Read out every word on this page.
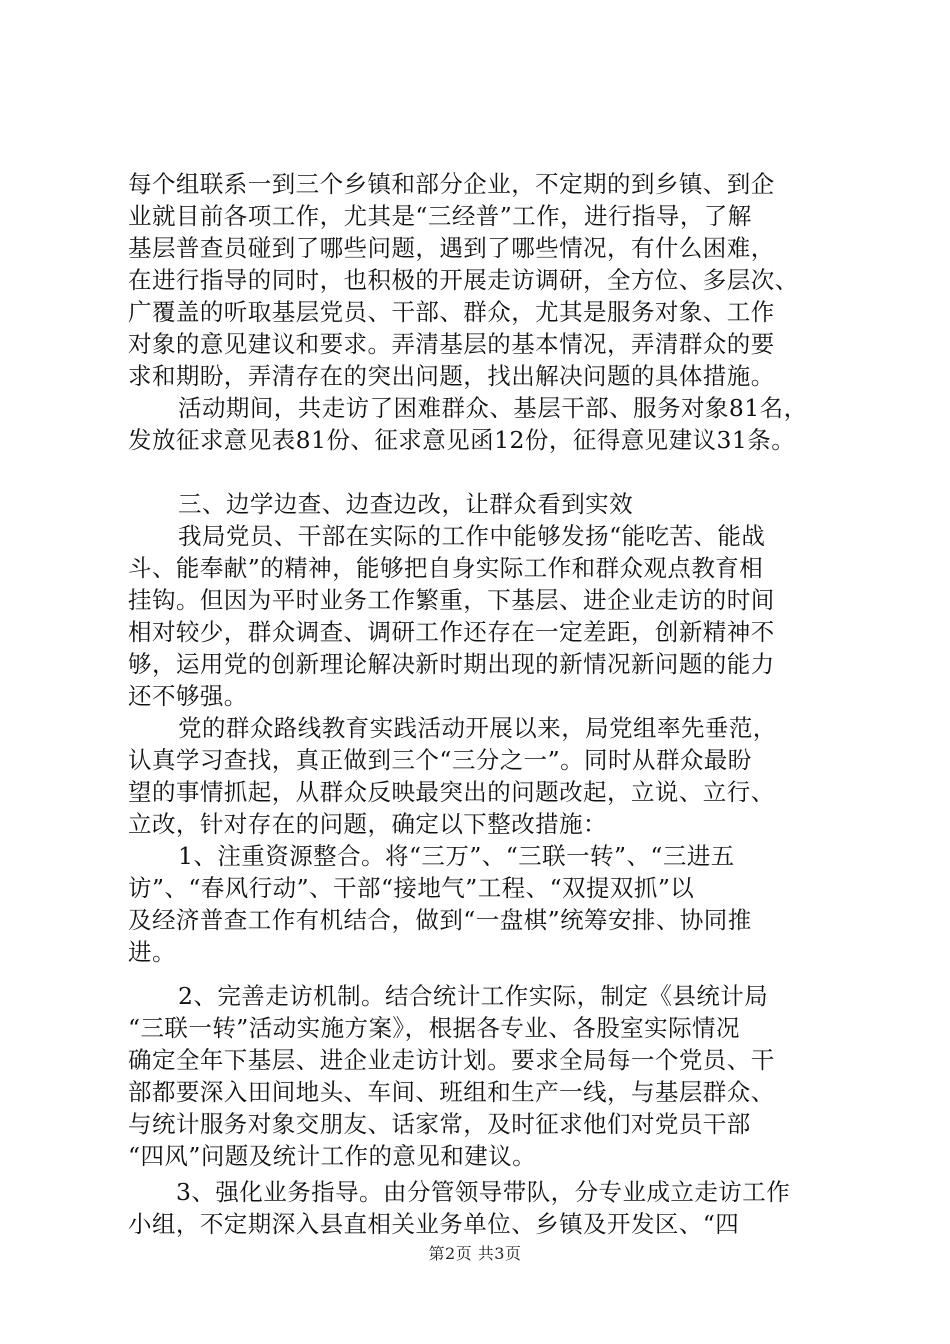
每个组联系一到三个乡镇和部分企业，不定期的到乡镇、到企
业就目前各项工作，尤其是“三经普”工作，进行指导，了解
基层普查员碰到了哪些问题，遇到了哪些情况，有什么困难，
在进行指导的同时，也积极的开展走访调研，全方位、多层次、
广覆盖的听取基层党员、干部、群众，尤其是服务对象、工作
对象的意见建议和要求。弄清基层的基本情况，弄清群众的要
求和期盼，弄清存在的突出问题，找出解决问题的具体措施。
活动期间，共走访了困难群众、基层干部、服务对象81名，
发放征求意见表81份、征求意见函12份，征得意见建议31条。
三、边学边查、边查边改，让群众看到实效
我局党员、干部在实际的工作中能够发扬“能吃苦、能战
斗、能奉献”的精神，能够把自身实际工作和群众观点教育相
挂钩。但因为平时业务工作繁重，下基层、进企业走访的时间
相对较少，群众调查、调研工作还存在一定差距，创新精神不
够，运用党的创新理论解决新时期出现的新情况新问题的能力
还不够强。
党的群众路线教育实践活动开展以来，局党组率先垂范，
认真学习查找，真正做到三个“三分之一”。同时从群众最盼
望的事情抓起，从群众反映最突出的问题改起，立说、立行、
立改，针对存在的问题，确定以下整改措施：
1、注重资源整合。将“三万”、“三联一转”、“三进五
访”、“春风行动”、干部“接地气”工程、“双提双抓”以
及经济普查工作有机结合，做到“一盘棋”统筹安排、协同推
进。
2、完善走访机制。结合统计工作实际，制定《县统计局
“三联一转”活动实施方案》，根据各专业、各股室实际情况
确定全年下基层、进企业走访计划。要求全局每一个党员、干
部都要深入田间地头、车间、班组和生产一线，与基层群众、
与统计服务对象交朋友、话家常，及时征求他们对党员干部
“四风”问题及统计工作的意见和建议。
3、强化业务指导。由分管领导带队，分专业成立走访工作
小组，不定期深入县直相关业务单位、乡镇及开发区、“四
第2页 共3页
